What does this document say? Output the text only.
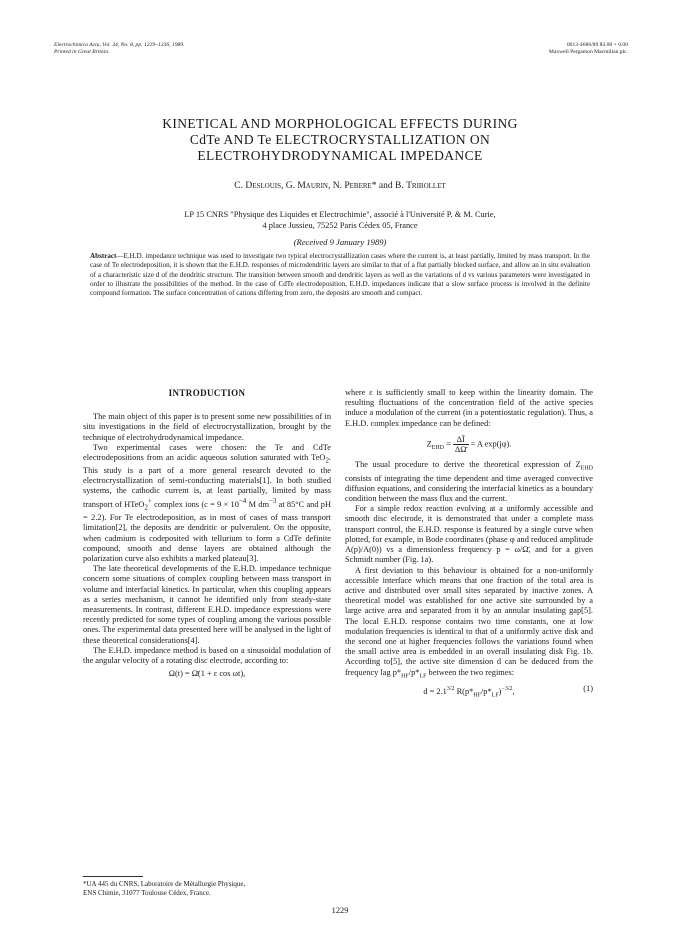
Electrochimica Acta, Vol. 34, No. 8, pp. 1229–1236, 1989.
Printed in Great Britain.
0013-4686/89 $3.00 + 0.00
Maxwell Pergamon Macmillan plc.
KINETICAL AND MORPHOLOGICAL EFFECTS DURING
CdTe AND Te ELECTROCRYSTALLIZATION ON
ELECTROHYDRODYNAMICAL IMPEDANCE
C. Deslouis, G. Maurin, N. Pebere* and B. Tribollet
LP 15 CNRS "Physique des Liquides et Electrochimie", associé à l'Université P. & M. Curie,
4 place Jussieu, 75252 Paris Cédex 05, France
(Received 9 January 1989)
Abstract—E.H.D. impedance technique was used to investigate two typical electrocrystallization cases where the current is, at least partially, limited by mass transport. In the case of Te electrodeposition, it is shown that the E.H.D. responses of microdendritic layers are similar to that of a flat partially blocked surface, and allow an in situ evaluation of a characteristic size d of the dendritic structure. The transition between smooth and dendritic layers as well as the variations of d vs various parameters were investigated in order to illustrate the possibilities of the method. In the case of CdTe electrodeposition, E.H.D. impedances indicate that a slow surface process is involved in the definite compound formation. The surface concentration of cations differing from zero, the deposits are smooth and compact.
INTRODUCTION

The main object of this paper is to present some new possibilities of in situ investigations in the field of electrocrystallization, brought by the technique of electrohydrodynamical impedance.

Two experimental cases were chosen: the Te and CdTe electrodepositions from an acidic aqueous solution saturated with TeO$_2$. This study is a part of a more general research devoted to the electrocrystallization of semi-conducting materials[1]. In both studied systems, the cathodic current is, at least partially, limited by mass transport of HTeO$_2$+ complex ions ($c = 9 \times 10^{-4}$ M $dm^{-3}$ at 85°C and pH = 2.2). For Te electrodeposition, as in most of cases of mass transport limitation[2], the deposits are dendritic or pulverulent. On the opposite, when cadmium is codeposited with tellurium to form a CdTe definite compound, smooth and dense layers are obtained although the polarization curve also exhibits a marked plateau[3].

The late theoretical developments of the E.H.D. impedance technique concern some situations of complex coupling between mass transport in volume and interfacial kinetics. In particular, when this coupling appears as a series mechanism, it cannot be identified only from steady-state measurements. In contrast, different E.H.D. impedance expressions were recently predicted for some types of coupling among the various possible ones. The experimental data presented here will be analysed in the light of these theoretical considerations[4].

The E.H.D. impedance method is based on a sinusoidal modulation of the angular velocity of a rotating disc electrode, according to:

Ω(t) = Ω̄(1 + ε cos ωt),

where ε is sufficiently small to keep within the linearity domain. The resulting fluctuations of the concentration field of the active species induce a modulation of the current (in a potentiostatic regulation). Thus, a E.H.D. complex impedance can be defined:

$Z_{EHD} = \frac{\Delta Ī}{\Delta\Omegā} = A$ exp(jφ).

The usual procedure to derive the theoretical expression of $Z_{EHD}$ consists of integrating the time dependent and time averaged convective diffusion equations, and considering the interfacial kinetics as a boundary condition between the mass flux and the current.

For a simple redox reaction evolving at a uniformly accessible and smooth disc electrode, it is demonstrated that under a complete mass transport control, the E.H.D. response is featured by a single curve when plotted, for example, in Bode coordinates (phase φ and reduced amplitude A(p)/A(0)) vs a dimensionless frequency p = ω/Ω̄, and for a given Schmidt number (Fig. 1a).

A first deviation to this behaviour is obtained for a non-uniformly accessible interface which means that one fraction of the total area is active and distributed over small sites separated by inactive zones. A theoretical model was established for one active site surrounded by a large active area and separated from it by an annular insulating gap[5]. The local E.H.D. response contains two time constants, one at low modulation frequencies is identical to that of a uniformly active disk and the second one at higher frequencies follows the variations found when the small active area is embedded in an overall insulating disk Fig. 1b. According to[5], the active site dimension d can be deduced from the frequency lag $p*_{HF}/p*_{LF}$ between the two regimes:

$d = 2.1^{3/2}$ $R(p*_{HF}/p*_{LF})^{-3/2}$,	(1)
*UA 445 du CNRS, Laboratoire de Métallurgie Physique,
ENS Chimie, 31077 Toulouse Cédex, France.
1229
